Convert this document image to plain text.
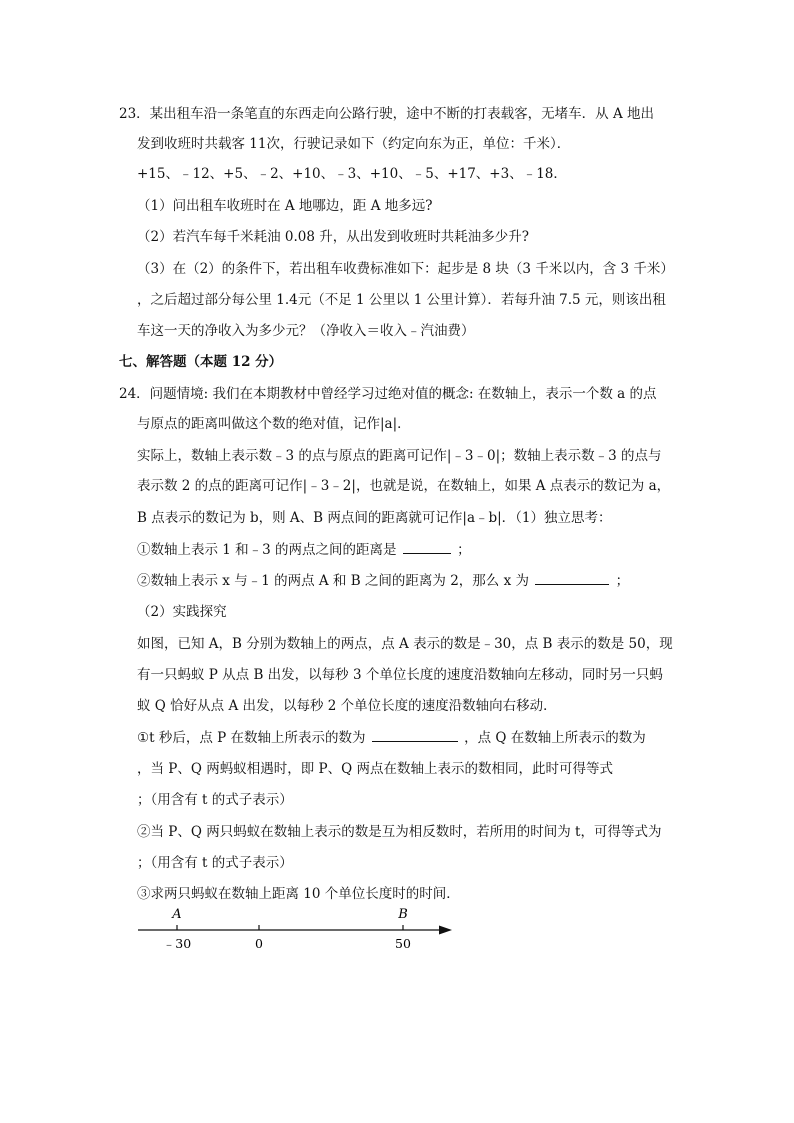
23．某出租车沿一条笔直的东西走向公路行驶，途中不断的打表载客，无堵车．从 A 地出
发到收班时共载客 11次，行驶记录如下（约定向东为正，单位：千米）．
+15、﹣12、+5、﹣2、+10、﹣3、+10、﹣5、+17、+3、﹣18．
（1）问出租车收班时在 A 地哪边，距 A 地多远?
（2）若汽车每千米耗油 0.08 升，从出发到收班时共耗油多少升?
（3）在（2）的条件下，若出租车收费标准如下：起步是 8 块（3 千米以内，含 3 千米）
，之后超过部分每公里 1.4元（不足 1 公里以 1 公里计算）．若每升油 7.5 元，则该出租
车这一天的净收入为多少元？（净收入＝收入﹣汽油费）
七、解答题（本题 12 分）
24．问题情境: 我们在本期教材中曾经学习过绝对值的概念: 在数轴上，表示一个数 a 的点
与原点的距离叫做这个数的绝对值，记作|a|．
实际上，数轴上表示数﹣3 的点与原点的距离可记作|﹣3﹣0|；数轴上表示数﹣3 的点与
表示数 2 的点的距离可记作|﹣3﹣2|，也就是说，在数轴上，如果 A 点表示的数记为 a，
B 点表示的数记为 b，则 A、B 两点间的距离就可记作|a﹣b|．（1）独立思考：
①数轴上表示 1 和﹣3 的两点之间的距离是	；
②数轴上表示 x 与﹣1 的两点 A 和 B 之间的距离为 2，那么 x 为	；
（2）实践探究
如图，已知 A，B 分别为数轴上的两点，点 A 表示的数是﹣30，点 B 表示的数是 50，现
有一只蚂蚁 P 从点 B 出发，以每秒 3 个单位长度的速度沿数轴向左移动，同时另一只蚂
蚁 Q 恰好从点 A 出发，以每秒 2 个单位长度的速度沿数轴向右移动．
①t 秒后，点 P 在数轴上所表示的数为	，点 Q 在数轴上所表示的数为
，当 P、Q 两蚂蚁相遇时，即 P、Q 两点在数轴上表示的数相同，此时可得等式
；（用含有 t 的式子表示）
②当 P、Q 两只蚂蚁在数轴上表示的数是互为相反数时，若所用的时间为 t，可得等式为
；（用含有 t 的式子表示）
③求两只蚂蚁在数轴上距离 10 个单位长度时的时间．
A	B
﹣30	0	50
